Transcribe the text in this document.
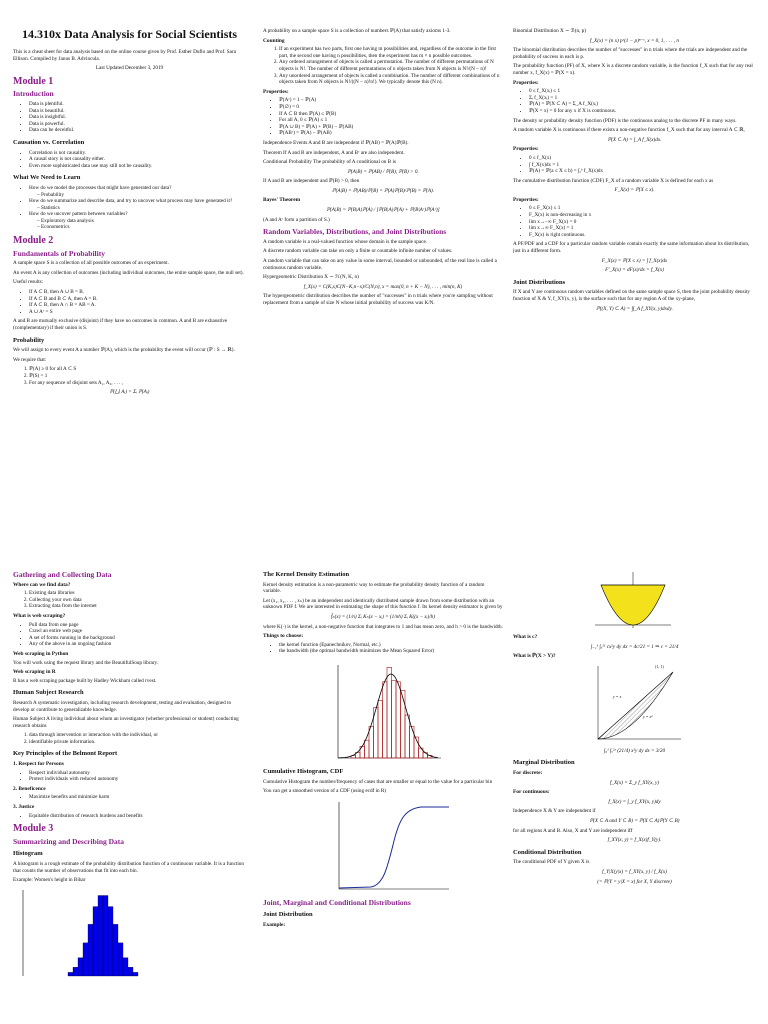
14.310x Data Analysis for Social Scientists

This is a cheat sheet for data analysis based on the online course given by Prof. Esther Duflo and Prof. Sara Ellison. Compiled by Janus B. Advincula.

Last Updated December 3, 2019

Module 1
Introduction
• Data is plentiful.
• Data is beautiful.
• Data is insightful.
• Data is powerful.
• Data can be deceitful.
Causation vs. Correlation
• Correlation is not causality.
• A causal story is not causality either.
• Even more sophisticated data use may still not be causality.
What We Need to Learn
• How do we model the processes that might have generated our data?
– Probability
• How do we summarize and describe data, and try to uncover what process may have generated it?
– Statistics
• How do we uncover pattern between variables?
– Exploratory data analysis
– Econometrics
Module 2
Fundamentals of Probability

A sample space S is a collection of all possible outcomes of an experiment.

An event A is any collection of outcomes (including individual outcomes, the entire sample space, the null set).

Useful results:

• If A ⊂ B, then A ∪ B = B.
• If A ⊂ B and B ⊂ A, then A = B.
• If A ⊂ B, then A ∩ B = AB = A.
• A ∪ Aᶜ = S

A and B are mutually exclusive (disjoint) if they have no outcomes in common. A and B are exhaustive (complementary) if their union is S.

Probability

We will assign to every event A a number ℙ(A), which is the probability the event will occur (ℙ : S → ℝ).

We require that:

1. ℙ(A) ≥ 0 for all A ⊂ S
2. ℙ(S) = 1
3. For any sequence of disjoint sets A₁, A₂, . . . ,
ℙ(⋃ᵢ Aᵢ) = Σᵢ ℙ(Aᵢ)

A probability on a sample space S is a collection of numbers ℙ(A) that satisfy axioms 1-3.

Counting
1. If an experiment has two parts, first one having m possibilities and, regardless of the outcome in the first part, the second one having n possibilities, then the experiment has m × n possible outcomes.
2. Any ordered arrangement of objects is called a permutation. The number of different permutations of N objects is N!. The number of different permutations of n objects taken from N objects is N!/(N − n)!
3. Any unordered arrangement of objects is called a combination. The number of different combinations of n objects taken from N objects is N!/((N − n)!n!). We typically denote this (N n).
Properties:
• ℙ(Aᶜ) = 1 − ℙ(A)
• ℙ(∅) = 0
• If A ⊂ B then ℙ(A) ≤ ℙ(B)
• For all A, 0 ≤ ℙ(A) ≤ 1
• ℙ(A ∪ B) = ℙ(A) + ℙ(B) − ℙ(AB)
• ℙ(ABᶜ) = ℙ(A) − ℙ(AB)

Independence Events A and B are independent if ℙ(AB) = ℙ(A)ℙ(B).

Theorem If A and B are independent, A and Bᶜ are also independent.

Conditional Probability The probability of A conditional on B is

ℙ(A|B) = ℙ(AB) / ℙ(B), ℙ(B) > 0.

If A and B are independent and ℙ(B) > 0, then

ℙ(A|B) = ℙ(AB)/ℙ(B) = ℙ(A)ℙ(B)/ℙ(B) = ℙ(A).
Bayes' Theorem
ℙ(A|B) = ℙ(B|A)ℙ(A) / [ℙ(B|A)ℙ(A) + ℙ(B|Aᶜ)ℙ(Aᶜ)]

(A and Aᶜ form a partition of S.)

Random Variables, Distributions, and Joint Distributions

A random variable is a real-valued function whose domain is the sample space.

A discrete random variable can take on only a finite or countable infinite number of values.

A random variable that can take on any value in some interval, bounded or unbounded, of the real line is called a continuous random variable.

Hypergeometric Distribution X ∼ ℋ(N, K, n)

f_X(x) = C(K,x)C(N−K,n−x)/C(N,n), x = max(0, n + K − N), . . . , min(n, K)

The hypergeometric distribution describes the number of "successes" in n trials where you're sampling without replacement from a sample of size N whose initial probability of success was K/N.

Binomial Distribution X ∼ ℬ(n, p)

f_X(x) = (n x) pˣ(1 − p)ⁿ⁻ˣ, x = 0, 1, . . . , n

The binomial distribution describes the number of "successes" in n trials where the trials are independent and the probability of success in each is p.

The probability function (PF) of X, where X is a discrete random variable, is the function f_X such that for any real number x, f_X(x) = ℙ(X = x).

Properties:
• 0 ≤ f_X(xᵢ) ≤ 1
• Σᵢ f_X(xᵢ) = 1
• ℙ(A) = ℙ(X ⊂ A) = Σ_A f_X(xᵢ)
• ℙ(X = x) = 0 for any x if X is continuous.

The density or probability density function (PDF) is the continuous analog to the discrete PF in many ways.

A random variable X is continuous if there exists a non-negative function f_X such that for any interval A ⊂ ℝ,

ℙ(X ⊂ A) = ∫_A f_X(x)dx.
Properties:
• 0 ≤ f_X(x)
• ∫ f_X(x)dx = 1
• ℙ(A) = ℙ(a ≤ X ≤ b) = ∫ₐᵇ f_X(x)dx

The cumulative distribution function (CDF) F_X of a random variable X is defined for each x as

F_X(x) = ℙ(X ≤ x).
Properties:
• 0 ≤ F_X(x) ≤ 1
• F_X(x) is non-decreasing in x
• lim x→−∞ F_X(x) = 0
• lim x→∞ F_X(x) = 1
• F_X(x) is right continuous.

A PF/PDF and a CDF for a particular random variable contain exactly the same information about its distribution, just in a different form.

F_X(x) = ℙ(X ≤ x) = ∫ f_X(x)dx
F′_X(x) = dF(x)/dx = f_X(x)
Joint Distributions

If X and Y are continuous random variables defined on the same sample space S, then the joint probability density function of X & Y, f_XY(x, y), is the surface such that for any region A of the xy-plane,

ℙ((X, Y) ⊂ A) = ∫∫_A f_XY(x, y)dxdy.
Gathering and Collecting Data
Where can we find data?
1. Existing data libraries
2. Collecting your own data
3. Extracting data from the internet
What is web scraping?
• Pull data from one page
• Crawl an entire web page
• A set of forms running in the background
• Any of the above in an ongoing fashion
Web scraping in Python

You will work using the request library and the BeautifulSoup library.

Web scraping in R

R has a web scraping package built by Hadley Wickham called rvest.

Human Subject Research

Research A systematic investigation, including research development, testing and evaluation, designed to develop or contribute to generalizable knowledge.

Human Subject A living individual about whom an investigator (whether professional or student) conducting research obtains

1. data through intervention or interaction with the individual, or
2. identifiable private information.
Key Principles of the Belmont Report
1. Respect for Persons
• Respect individual autonomy
• Protect individuals with reduced autonomy
2. Beneficence
• Maximize benefits and minimize harm
3. Justice
• Equitable distribution of research burdens and benefits
Module 3
Summarizing and Describing Data
Histogram

A histogram is a rough estimate of the probability distribution function of a continuous variable. It is a function that counts the number of observations that fit into each bin.

Example: Women's height in Bihar

The Kernel Density Estimation

Kernel density estimation is a non-parametric way to estimate the probability density function of a random variable.

Let (x₁, x₂, . . . , xₙ) be an independent and identically distributed sample drawn from some distribution with an unknown PDF f. We are interested in estimating the shape of this function f. Its kernel density estimator is given by

f̂ₕ(x) = (1/n) Σᵢ Kₕ(x − xᵢ) = (1/nh) Σᵢ K((x − xᵢ)/h)

where K(·) is the kernel, a non-negative function that integrates to 1 and has mean zero, and h > 0 is the bandwidth.

Things to choose:
• the kernel function (Epanechnikov, Normal, etc.)
• the bandwidth (the optimal bandwidth minimizes the Mean Squared Error)
Cumulative Histogram, CDF

Cumulative Histogram the number/frequency of cases that are smaller or equal to the value for a particular bin

You can get a smoothed version of a CDF (using ecdf in R)

Joint, Marginal and Conditional Distributions
Joint Distribution
Example:

What is c?

∫₋₁¹ ∫ₓ²¹ cx²y dy dx = 4c/21 = 1 ⇒ c = 21/4

What is ℙ(X > Y)?

(1, 1)
y = x
y = x²
∫₀¹ ∫ₓ²ˣ (21/4) x²y dy dx = 3/20
Marginal Distribution
For discrete:
f_X(x) = Σ_y f_XY(x, y)
For continuous:
f_X(x) = ∫_y f_XY(x, y)dy

Independence X & Y are independent if

ℙ(X ⊂ A and Y ⊂ B) = ℙ(X ⊂ A)ℙ(Y ⊂ B)

for all regions A and B. Also, X and Y are independent iff

f_XY(x, y) = f_X(x)f_Y(y).
Conditional Distribution

The conditional PDF of Y given X is

f_Y|X(y|x) = f_XY(x, y) / f_X(x)
(= ℙ(Y = y|X = x) for X, Y discrete)
